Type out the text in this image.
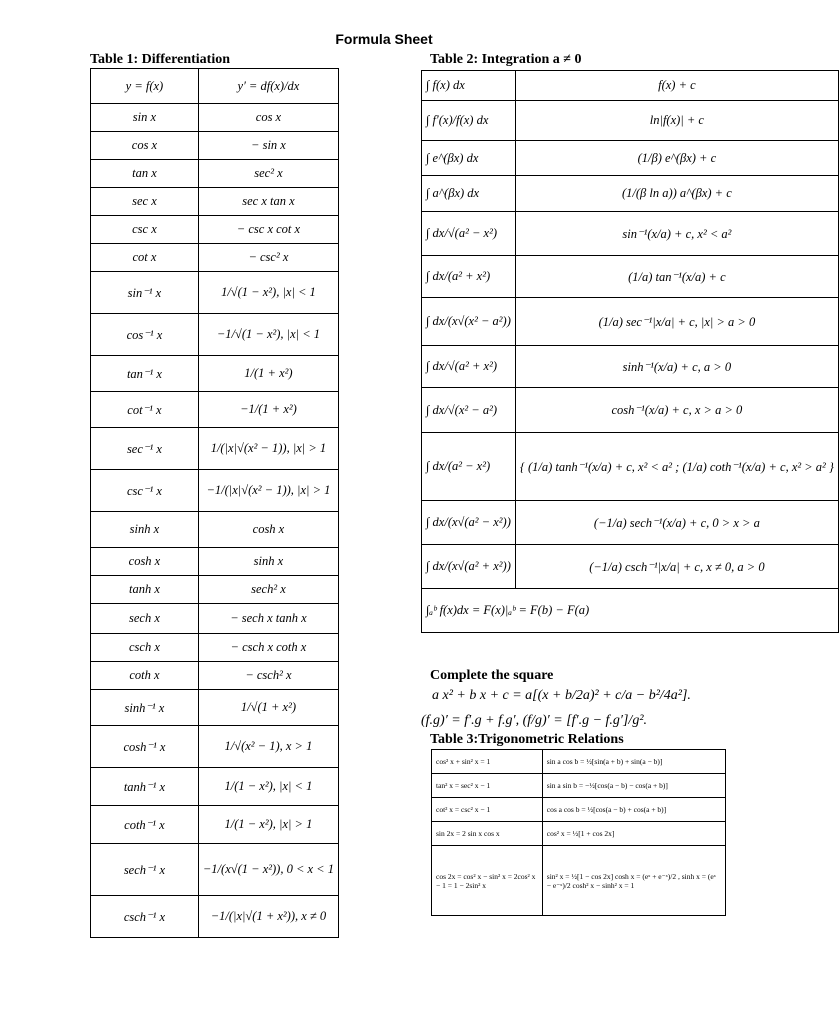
Formula Sheet
Table 1: Differentiation
y = f(x)	y′ = df(x)/dx
sin x	cos x
cos x	− sin x
tan x	sec² x
sec x	sec x tan x
csc x	− csc x cot x
cot x	− csc² x
sin⁻¹ x	1/√(1 − x²), |x| < 1
cos⁻¹ x	−1/√(1 − x²), |x| < 1
tan⁻¹ x	1/(1 + x²)
cot⁻¹ x	−1/(1 + x²)
sec⁻¹ x	1/(|x|√(x² − 1)), |x| > 1
csc⁻¹ x	−1/(|x|√(x² − 1)), |x| > 1
sinh x	cosh x
cosh x	sinh x
tanh x	sech² x
sech x	− sech x tanh x
csch x	− csch x coth x
coth x	− csch² x
sinh⁻¹ x	1/√(1 + x²)
cosh⁻¹ x	1/√(x² − 1), x > 1
tanh⁻¹ x	1/(1 − x²), |x| < 1
coth⁻¹ x	1/(1 − x²), |x| > 1
sech⁻¹ x	−1/(x√(1 − x²)), 0 < x < 1
csch⁻¹ x	−1/(|x|√(1 + x²)), x ≠ 0
Table 2: Integration a ≠ 0
∫ f(x) dx	f(x) + c
∫ f′(x)/f(x) dx	ln|f(x)| + c
∫ e^(βx) dx	(1/β) e^(βx) + c
∫ a^(βx) dx	(1/(β ln a)) a^(βx) + c
∫ dx/√(a² − x²)	sin⁻¹(x/a) + c, x² < a²
∫ dx/(a² + x²)	(1/a) tan⁻¹(x/a) + c
∫ dx/(x√(x² − a²))	(1/a) sec⁻¹|x/a| + c, |x| > a > 0
∫ dx/√(a² + x²)	sinh⁻¹(x/a) + c, a > 0
∫ dx/√(x² − a²)	cosh⁻¹(x/a) + c, x > a > 0
∫ dx/(a² − x²)	{ (1/a) tanh⁻¹(x/a) + c, x² < a² ; (1/a) coth⁻¹(x/a) + c, x² > a² }
∫ dx/(x√(a² − x²))	(−1/a) sech⁻¹(x/a) + c, 0 > x > a
∫ dx/(x√(a² + x²))	(−1/a) csch⁻¹|x/a| + c, x ≠ 0, a > 0
∫ₐᵇ f(x)dx = F(x)|ₐᵇ = F(b) − F(a)	
Complete the square
a x² + b x + c = a[(x + b/2a)² + c/a − b²/4a²].
(f.g)′ = f′.g + f.g′, (f/g)′ = [f′.g − f.g′]/g².
Table 3:Trigonometric Relations
cos² x + sin² x = 1	sin a cos b = ½[sin(a + b) + sin(a − b)]
tan² x = sec² x − 1	sin a sin b = −½[cos(a − b) − cos(a + b)]
cot² x = csc² x − 1	cos a cos b = ½[cos(a − b) + cos(a + b)]
sin 2x = 2 sin x cos x	cos² x = ½[1 + cos 2x]
cos 2x = cos² x − sin² x = 2cos² x − 1 = 1 − 2sin² x	sin² x = ½[1 − cos 2x] cosh x = (eˣ + e⁻ˣ)/2 , sinh x = (eˣ − e⁻ˣ)/2 cosh² x − sinh² x = 1
